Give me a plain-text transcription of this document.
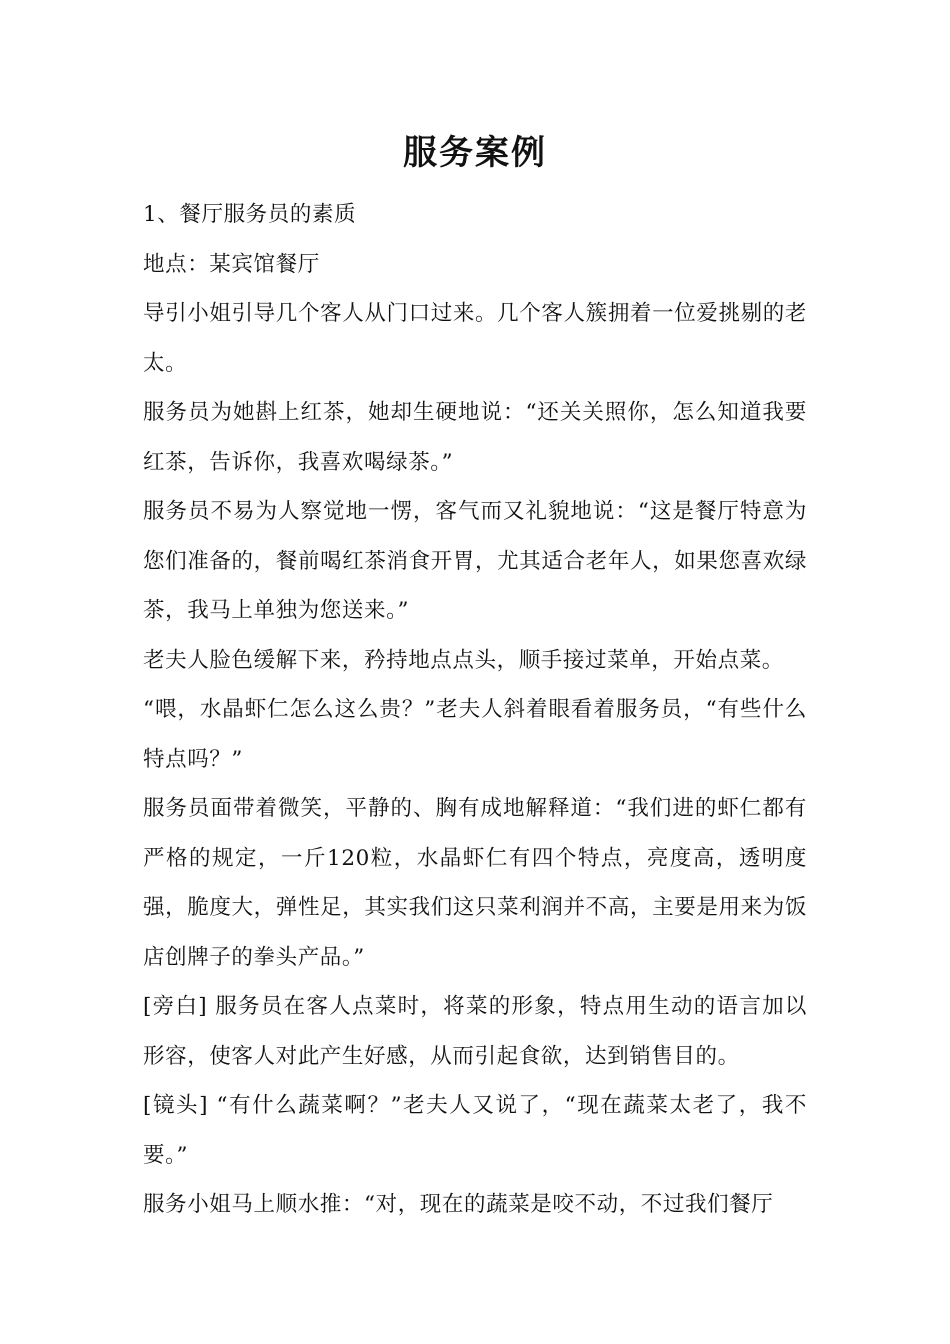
服务案例

1、餐厅服务员的素质

地点：某宾馆餐厅

导引小姐引导几个客人从门口过来。几个客人簇拥着一位爱挑剔的老太。

服务员为她斟上红茶，她却生硬地说：“还关关照你，怎么知道我要红茶，告诉你，我喜欢喝绿茶。”

服务员不易为人察觉地一愣，客气而又礼貌地说：“这是餐厅特意为您们准备的，餐前喝红茶消食开胃，尤其适合老年人，如果您喜欢绿茶，我马上单独为您送来。”

老夫人脸色缓解下来，矜持地点点头，顺手接过菜单，开始点菜。

“喂，水晶虾仁怎么这么贵？”老夫人斜着眼看着服务员，“有些什么特点吗？”

服务员面带着微笑，平静的、胸有成地解释道：“我们进的虾仁都有严格的规定，一斤120粒，水晶虾仁有四个特点，亮度高，透明度强，脆度大，弹性足，其实我们这只菜利润并不高，主要是用来为饭店创牌子的拳头产品。”

[旁白] 服务员在客人点菜时，将菜的形象，特点用生动的语言加以形容，使客人对此产生好感，从而引起食欲，达到销售目的。

[镜头] “有什么蔬菜啊？”老夫人又说了，“现在蔬菜太老了，我不要。”

服务小姐马上顺水推：“对，现在的蔬菜是咬不动，不过我们餐厅
